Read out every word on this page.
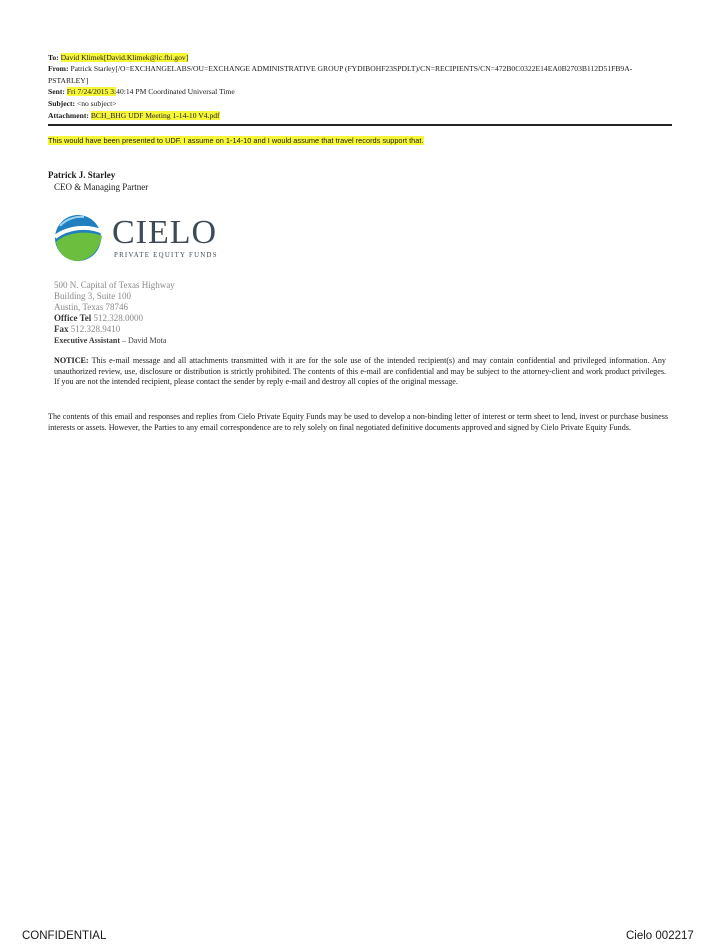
To: David Klimek[David.Klimek@ic.fbi.gov]
From: Patrick Starley[/O=EXCHANGELABS/OU=EXCHANGE ADMINISTRATIVE GROUP (FYDIBOHF23SPDLT)/CN=RECIPIENTS/CN=472B0C0322E14EA0B2703B112D51FB9A-
PSTARLEY]
Sent: Fri 7/24/2015 3:40:14 PM Coordinated Universal Time
Subject: <no subject>
Attachment: BCH_BHG UDF Meeting 1-14-10 V4.pdf
This would have been presented to UDF. I assume on 1-14-10 and I would assume that travel records support that.
Patrick J. Starley
CEO & Managing Partner
CIELO
PRIVATE EQUITY FUNDS
500 N. Capital of Texas Highway
Building 3, Suite 100
Austin, Texas 78746
Office Tel 512.328.0000
Fax 512.328.9410
Executive Assistant – David Mota
NOTICE: This e-mail message and all attachments transmitted with it are for the sole use of the intended recipient(s) and may contain confidential and privileged information. Any unauthorized review, use, disclosure or distribution is strictly prohibited. The contents of this e-mail are confidential and may be subject to the attorney-client and work product privileges. If you are not the intended recipient, please contact the sender by reply e-mail and destroy all copies of the original message.
The contents of this email and responses and replies from Cielo Private Equity Funds may be used to develop a non-binding letter of interest or term sheet to lend, invest or purchase business interests or assets. However, the Parties to any email correspondence are to rely solely on final negotiated definitive documents approved and signed by Cielo Private Equity Funds.
CONFIDENTIAL	Cielo 002217
